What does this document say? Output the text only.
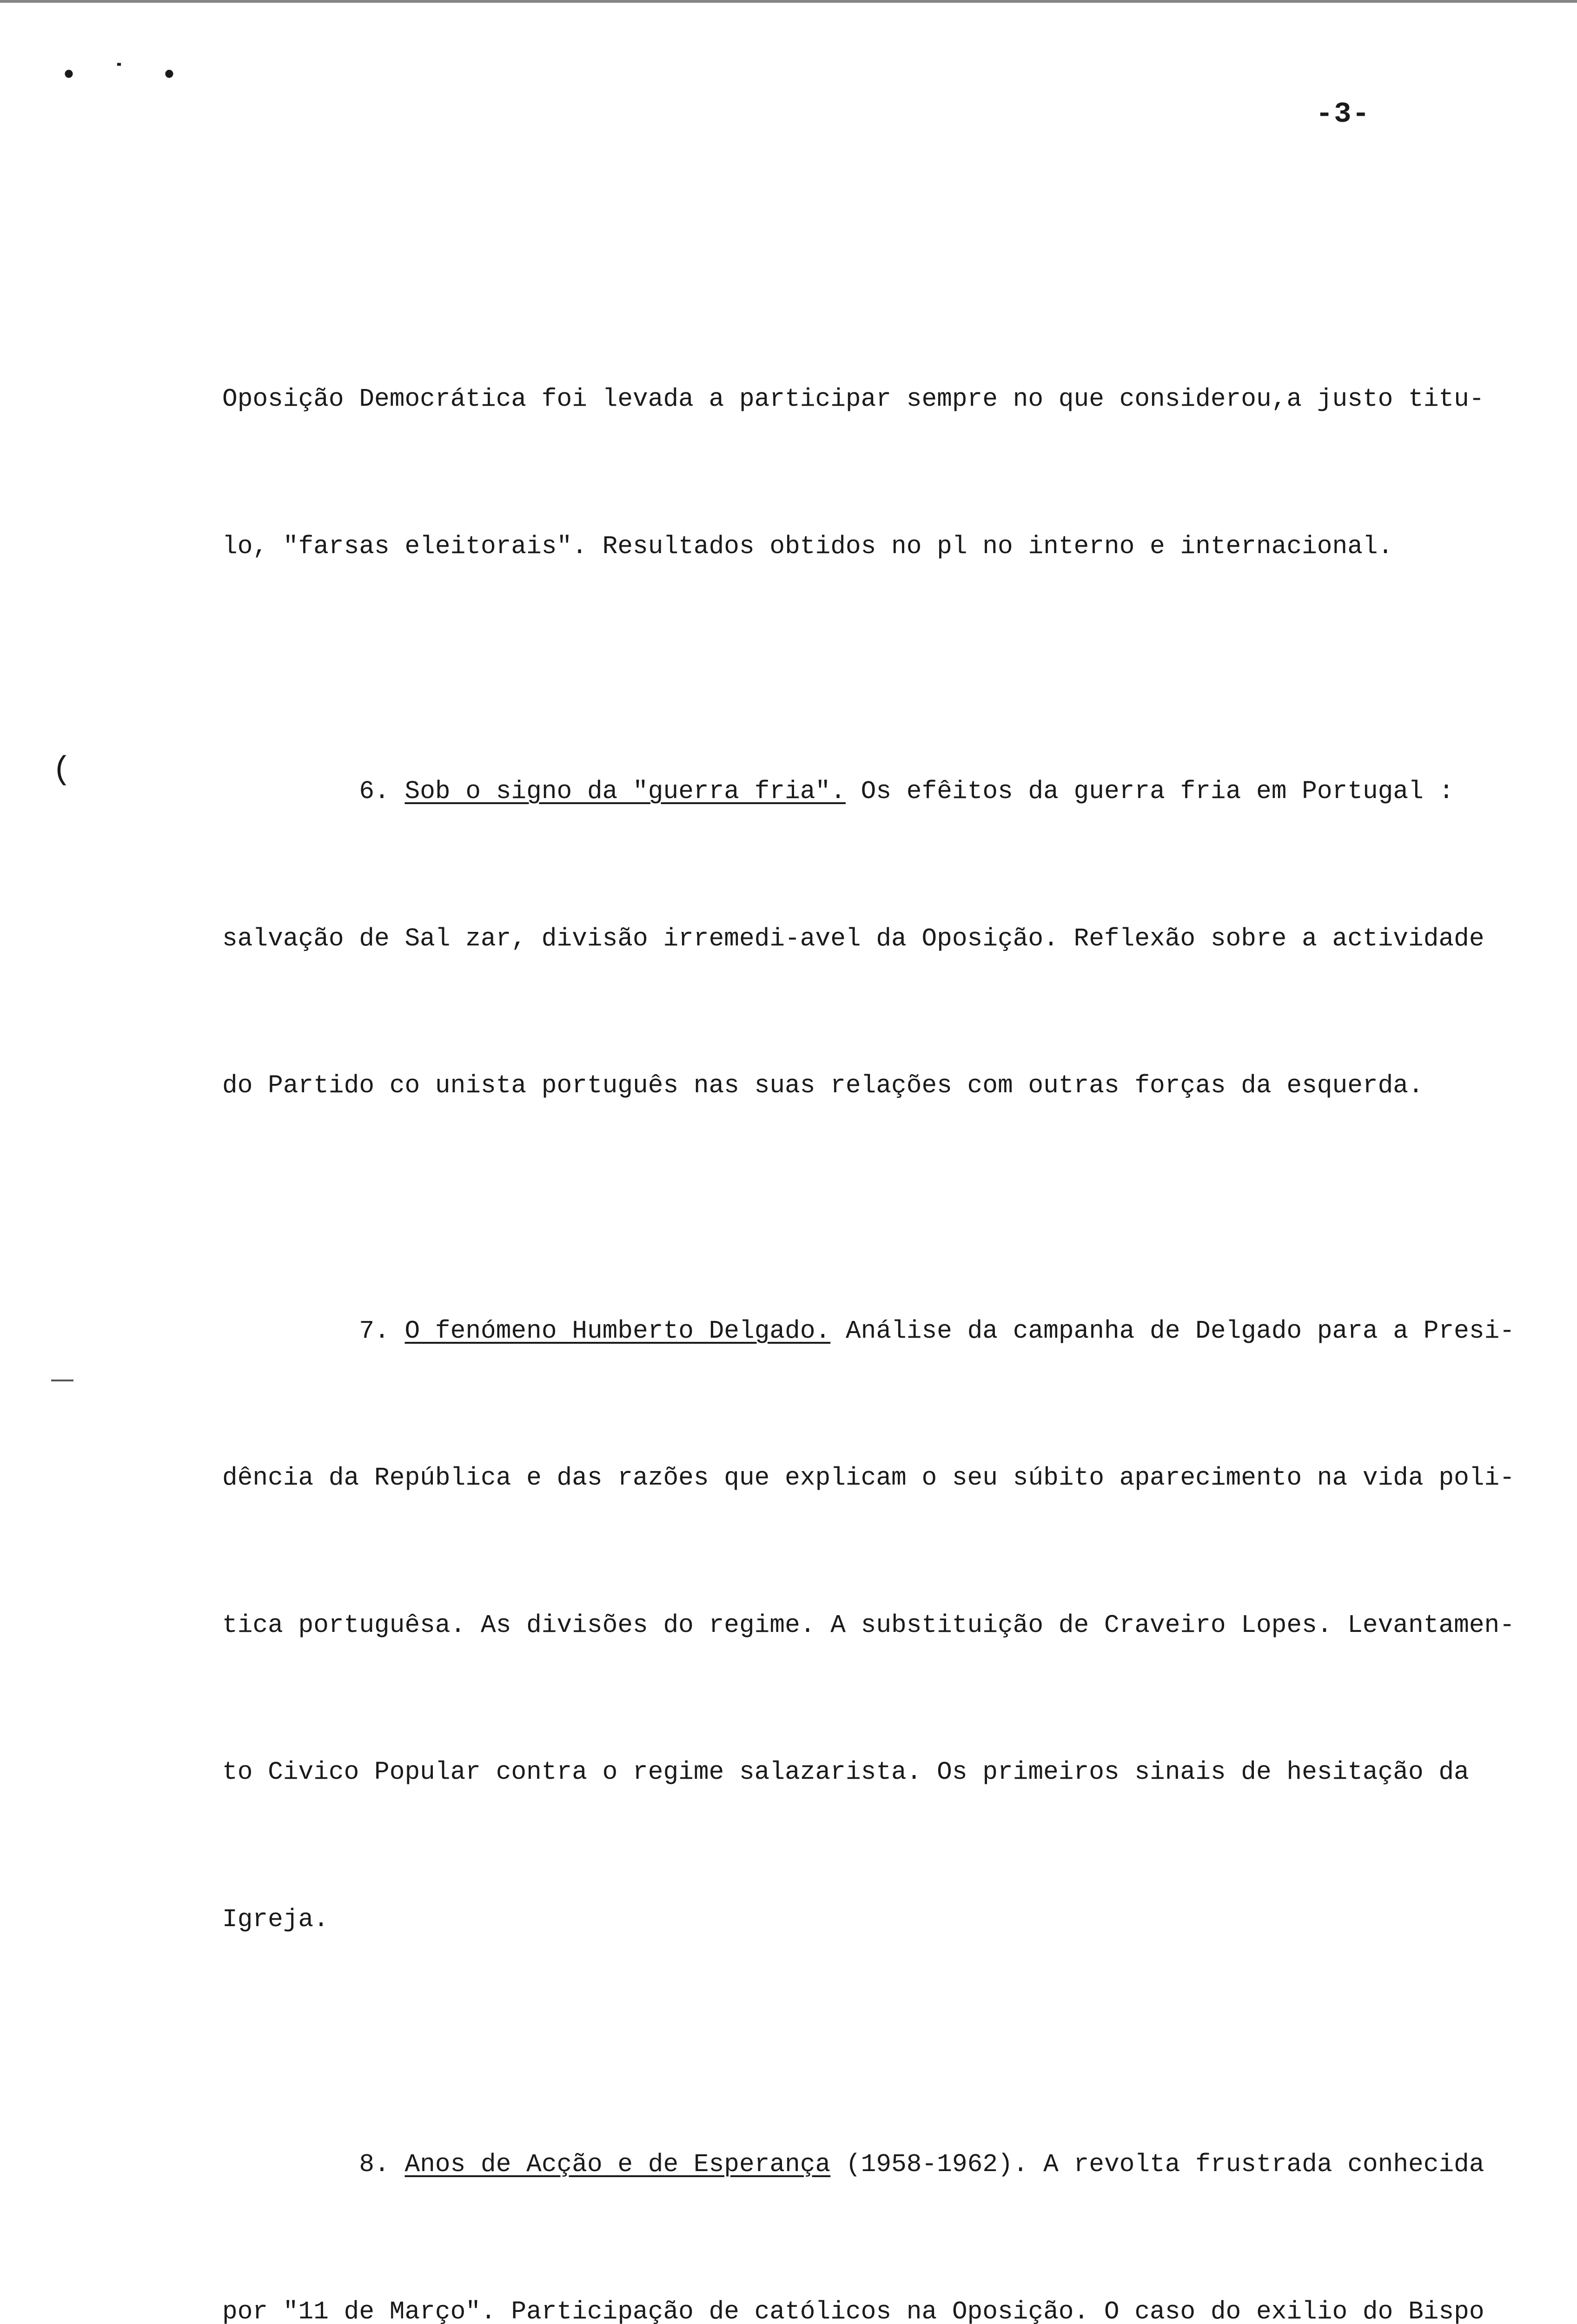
• ˙ •
-3-
(

Oposição Democrática foi levada a participar sempre no que considerou,a justo titu-

lo, "farsas eleitorais". Resultados obtidos no pl no interno e internacional.

6. Sob o signo da "guerra fria". Os efêitos da guerra fria em Portugal :

salvação de Sal zar, divisão irremedi-avel da Oposição. Reflexão sobre a actividade

do Partido co unista português nas suas relações com outras forças da esquerda.

7. O fenómeno Humberto Delgado. Análise da campanha de Delgado para a Presi-

dência da República e das razões que explicam o seu súbito aparecimento na vida poli-

tica portuguêsa. As divisões do regime. A substituição de Craveiro Lopes. Levantamen-

to Civico Popular contra o regime salazarista. Os primeiros sinais de hesitação da

Igreja.

8. Anos de Acção e de Esperança (1958-1962). A revolta frustrada conhecida

por "11 de Março". Participação de católicos na Oposição. O caso do exilio do Bispo
